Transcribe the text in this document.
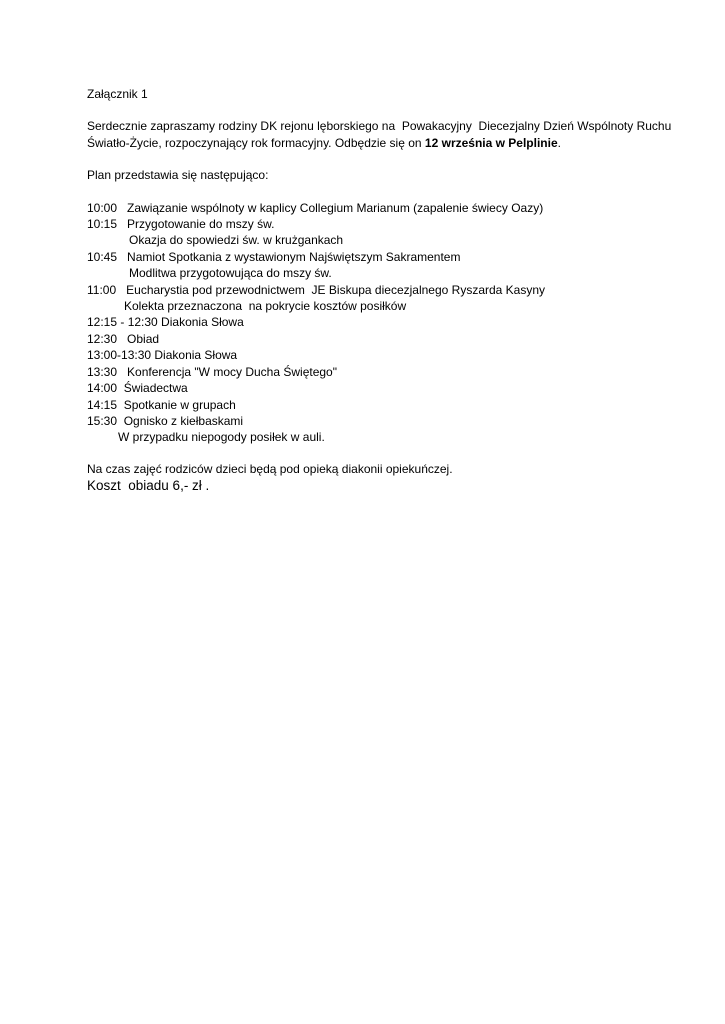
Załącznik 1

Serdecznie zapraszamy rodziny DK rejonu lęborskiego na  Powakacyjny  Diecezjalny Dzień Wspólnoty Ruchu

Światło-Życie, rozpoczynający rok formacyjny. Odbędzie się on 12 września w Pelplinie.

Plan przedstawia się następująco:

10:00   Zawiązanie wspólnoty w kaplicy Collegium Marianum (zapalenie świecy Oazy)

10:15   Przygotowanie do mszy św.

Okazja do spowiedzi św. w krużgankach

10:45   Namiot Spotkania z wystawionym Najświętszym Sakramentem

Modlitwa przygotowująca do mszy św.

11:00   Eucharystia pod przewodnictwem  JE Biskupa diecezjalnego Ryszarda Kasyny

Kolekta przeznaczona  na pokrycie kosztów posiłków

12:15 - 12:30 Diakonia Słowa

12:30   Obiad

13:00-13:30 Diakonia Słowa

13:30   Konferencja "W mocy Ducha Świętego"

14:00  Świadectwa

14:15  Spotkanie w grupach

15:30  Ognisko z kiełbaskami

W przypadku niepogody posiłek w auli.

Na czas zajęć rodziców dzieci będą pod opieką diakonii opiekuńczej.

Koszt  obiadu 6,- zł .
